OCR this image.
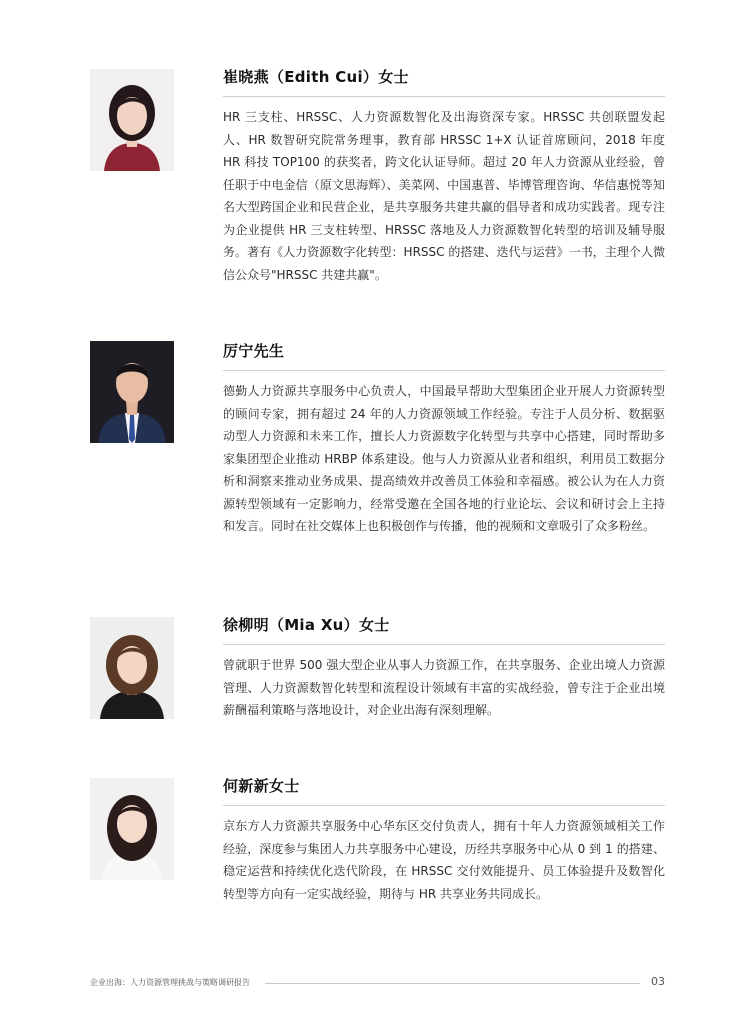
崔晓燕（Edith Cui）女士
HR 三支柱、HRSSC、人力资源数智化及出海资深专家。HRSSC 共创联盟发起人、HR 数智研究院常务理事，教育部 HRSSC 1+X 认证首席顾问，2018 年度 HR 科技 TOP100 的获奖者，跨文化认证导师。超过 20 年人力资源从业经验，曾任职于中电金信（原文思海辉）、美菜网、中国惠普、毕博管理咨询、华信惠悦等知名大型跨国企业和民营企业，是共享服务共建共赢的倡导者和成功实践者。现专注为企业提供 HR 三支柱转型、HRSSC 落地及人力资源数智化转型的培训及辅导服务。著有《人力资源数字化转型：HRSSC 的搭建、迭代与运营》一书，主理个人微信公众号"HRSSC 共建共赢"。
厉宁先生
德勤人力资源共享服务中心负责人，中国最早帮助大型集团企业开展人力资源转型的顾问专家，拥有超过 24 年的人力资源领域工作经验。专注于人员分析、数据驱动型人力资源和未来工作，擅长人力资源数字化转型与共享中心搭建，同时帮助多家集团型企业推动 HRBP 体系建设。他与人力资源从业者和组织，利用员工数据分析和洞察来推动业务成果、提高绩效并改善员工体验和幸福感。被公认为在人力资源转型领域有一定影响力，经常受邀在全国各地的行业论坛、会议和研讨会上主持和发言。同时在社交媒体上也积极创作与传播，他的视频和文章吸引了众多粉丝。
徐柳明（Mia Xu）女士
曾就职于世界 500 强大型企业从事人力资源工作，在共享服务、企业出境人力资源管理、人力资源数智化转型和流程设计领域有丰富的实战经验，曾专注于企业出境薪酬福利策略与落地设计，对企业出海有深刻理解。
何新新女士
京东方人力资源共享服务中心华东区交付负责人，拥有十年人力资源领域相关工作经验，深度参与集团人力共享服务中心建设，历经共享服务中心从 0 到 1 的搭建、稳定运营和持续优化迭代阶段，在 HRSSC 交付效能提升、员工体验提升及数智化转型等方向有一定实战经验，期待与 HR 共享业务共同成长。
企业出海：人力资源管理挑战与策略调研报告	03
